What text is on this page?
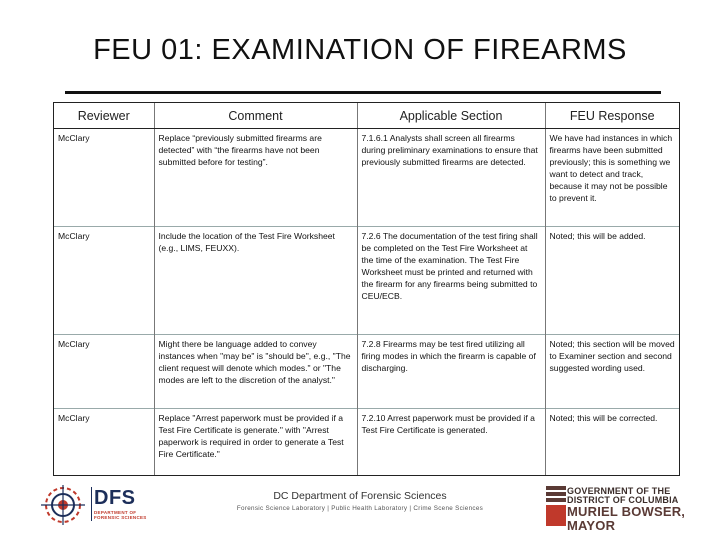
FEU 01: EXAMINATION OF FIREARMS
Reviewer	Comment	Applicable Section	FEU Response
McClary	Replace “previously submitted firearms are detected” with “the firearms have not been submitted before for testing”.	7.1.6.1 Analysts shall screen all firearms during preliminary examinations to ensure that previously submitted firearms are detected.	We have had instances in which firearms have been submitted previously; this is something we want to detect and track, because it may not be possible to prevent it.
McClary	Include the location of the Test Fire Worksheet (e.g., LIMS, FEUXX).	7.2.6 The documentation of the test firing shall be completed on the Test Fire Worksheet at the time of the examination. The Test Fire Worksheet must be printed and returned with the firearm for any firearms being submitted to CEU/ECB.	Noted; this will be added.
McClary	Might there be language added to convey instances when "may be" is "should be", e.g., "The client request will denote which modes." or "The modes are left to the discretion of the analyst."	7.2.8 Firearms may be test fired utilizing all firing modes in which the firearm is capable of discharging.	Noted; this section will be moved to Examiner section and second suggested wording used.
McClary	Replace "Arrest paperwork must be provided if a Test Fire Certificate is generate." with "Arrest paperwork is required in order to generate a Test Fire Certificate."	7.2.10 Arrest paperwork must be provided if a Test Fire Certificate is generated.	Noted; this will be corrected.
DFS
DEPARTMENT OF FORENSIC SCIENCES
DC Department of Forensic Sciences
Forensic Science Laboratory | Public Health Laboratory | Crime Scene Sciences
GOVERNMENT OF THE
DISTRICT OF COLUMBIA
MURIEL BOWSER, MAYOR
